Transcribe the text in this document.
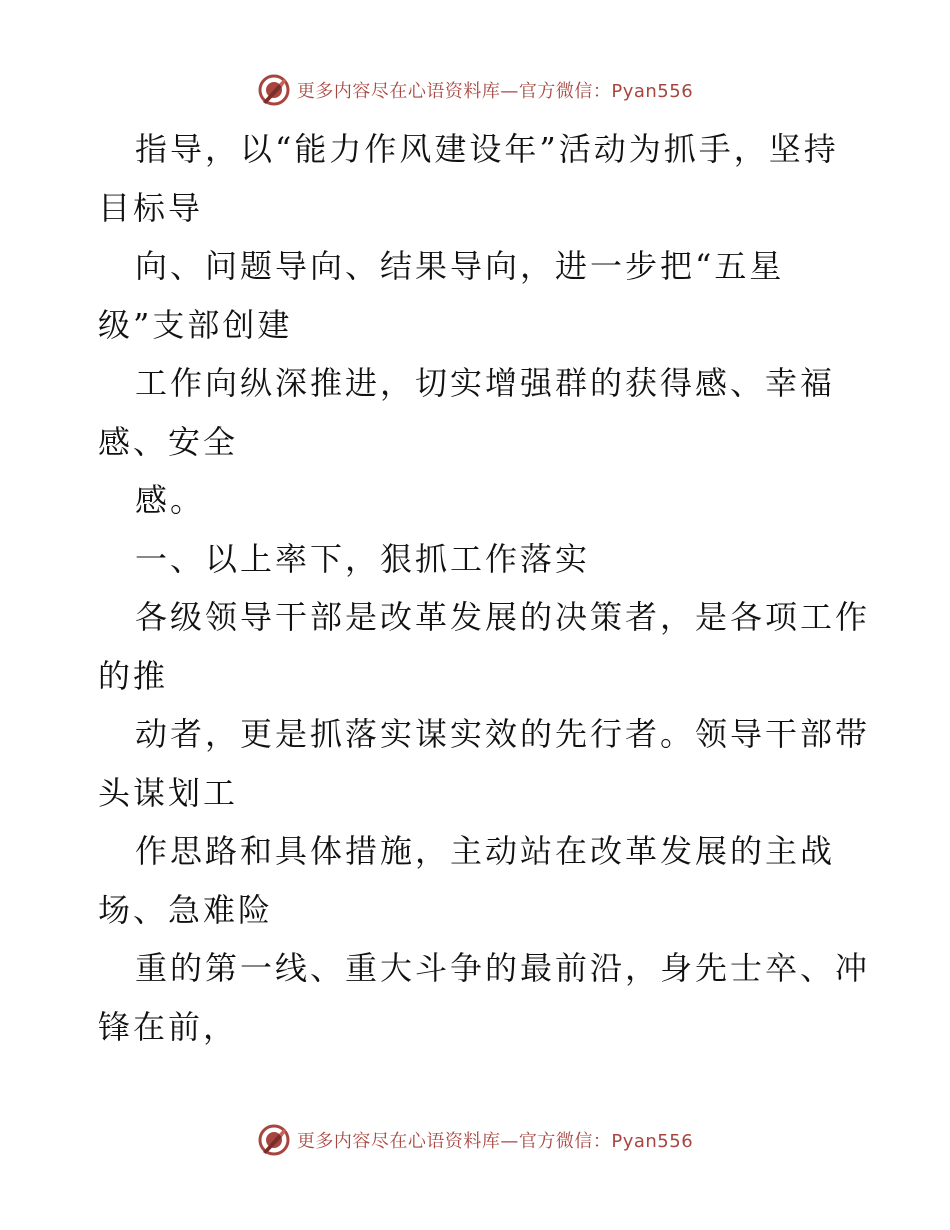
更多内容尽在心语资料库—官方微信：Pyan556
指导，以“能力作风建设年”活动为抓手，坚持
目标导
向、问题导向、结果导向，进一步把“五星
级”支部创建
工作向纵深推进，切实增强群的获得感、幸福
感、安全
感。
一、以上率下，狠抓工作落实
各级领导干部是改革发展的决策者，是各项工作
的推
动者，更是抓落实谋实效的先行者。领导干部带
头谋划工
作思路和具体措施，主动站在改革发展的主战
场、急难险
重的第一线、重大斗争的最前沿，身先士卒、冲
锋在前，
更多内容尽在心语资料库—官方微信：Pyan556
